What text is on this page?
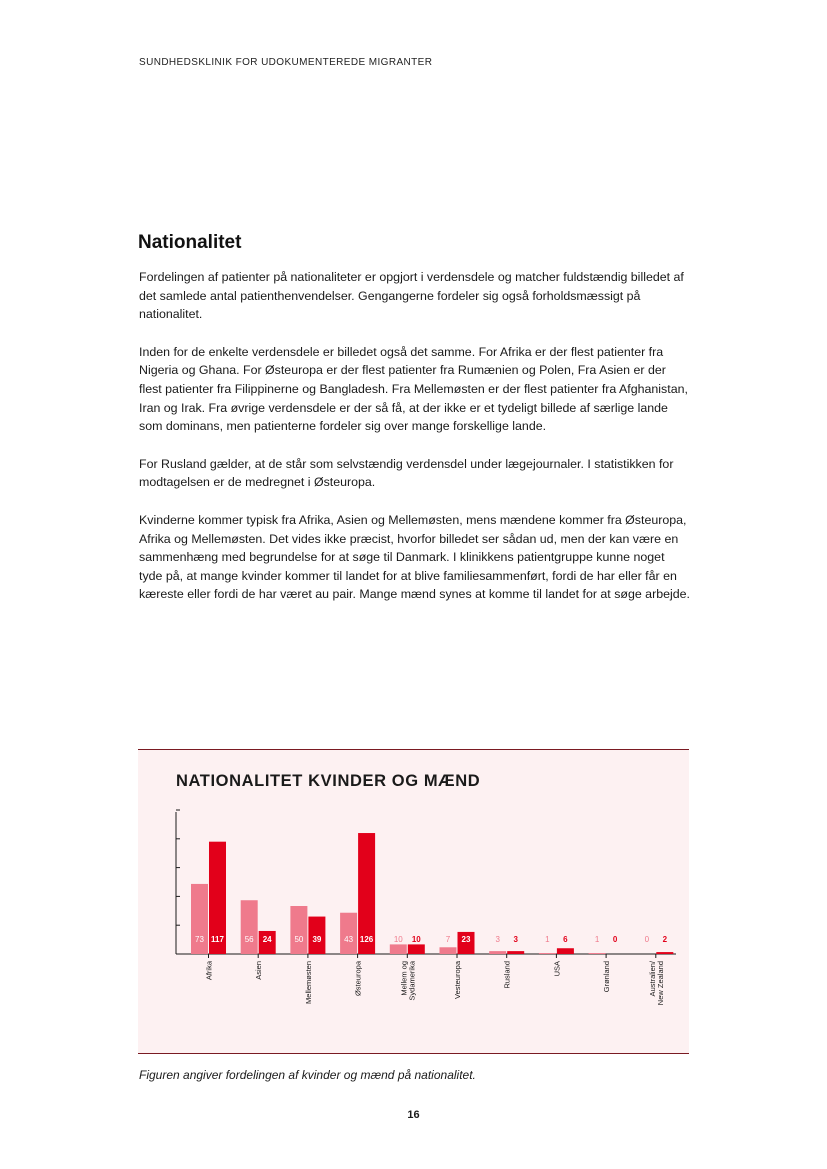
SUNDHEDSKLINIK FOR UDOKUMENTEREDE MIGRANTER
Nationalitet

Fordelingen af patienter på nationaliteter er opgjort i verdensdele og matcher fuldstændig billedet af det samlede antal patienthenvendelser. Gengangerne fordeler sig også forholdsmæssigt på nationalitet.

Inden for de enkelte verdensdele er billedet også det samme. For Afrika er der flest patienter fra Nigeria og Ghana. For Østeuropa er der flest patienter fra Rumænien og Polen, Fra Asien er der flest patienter fra Filippinerne og Bangladesh. Fra Mellemøsten er der flest patienter fra Afghanistan, Iran og Irak. Fra øvrige verdensdele er der så få, at der ikke er et tydeligt billede af særlige lande som dominans, men patienterne fordeler sig over mange forskellige lande.

For Rusland gælder, at de står som selvstændig verdensdel under lægejournaler. I statistikken for modtagelsen er de medregnet i Østeuropa.

Kvinderne kommer typisk fra Afrika, Asien og Mellemøsten, mens mændene kommer fra Østeuropa, Afrika og Mellemøsten. Det vides ikke præcist, hvorfor billedet ser sådan ud, men der kan være en sammenhæng med begrundelse for at søge til Danmark. I klinikkens patientgruppe kunne noget tyde på, at mange kvinder kommer til landet for at blive familiesammenført, fordi de har eller får en kæreste eller fordi de har været au pair. Mange mænd synes at komme til landet for at søge arbejde.

NATIONALITET KVINDER OG MÆND
73 117
Afrika
56 24
Asien
50 39
Mellemøsten
43 126
Østeuropa
10 10
Mellem ogSydamerika
7 23
Vesteuropa
3 3
Rusland
1 6
USA
1 0
Grønland
0 2
Australien/New Zealand
Figuren angiver fordelingen af kvinder og mænd på nationalitet.
16
